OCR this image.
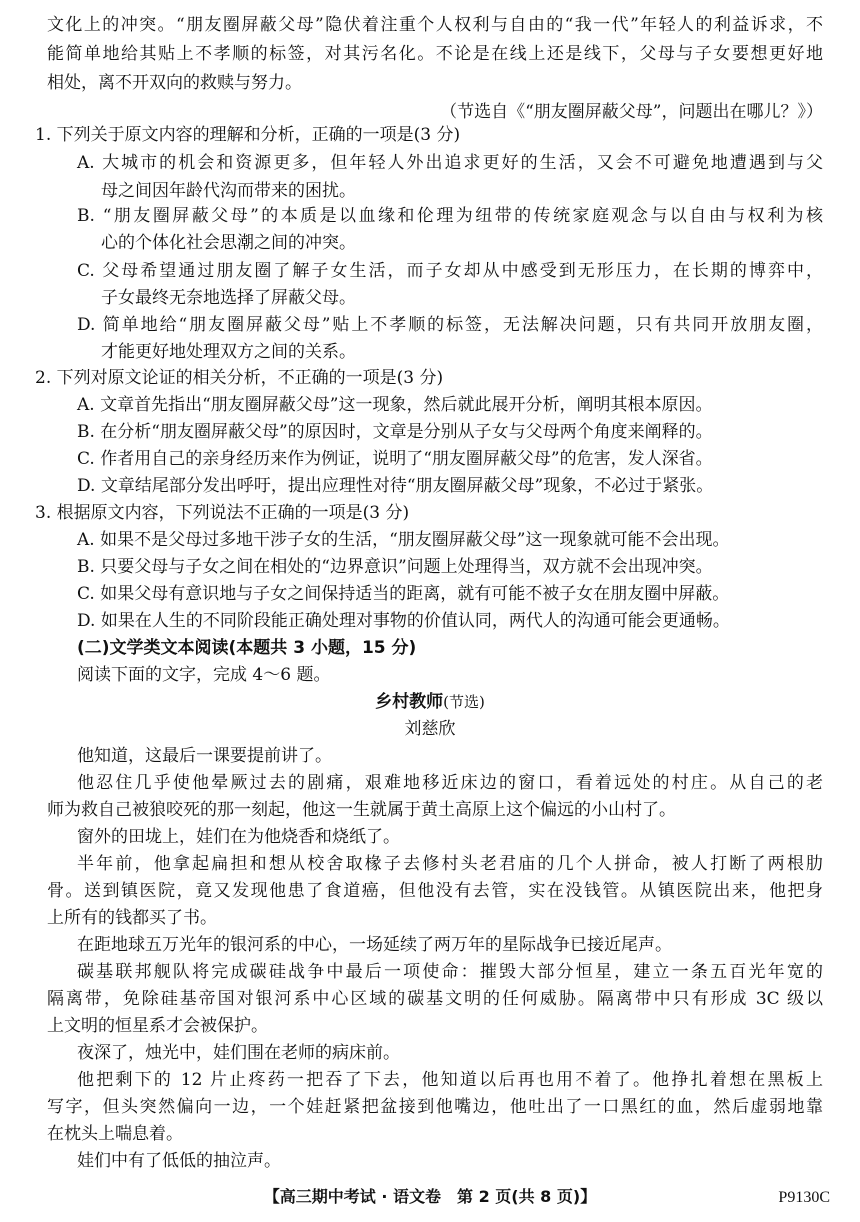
文化上的冲突。“朋友圈屏蔽父母”隐伏着注重个人权利与自由的“我一代”年轻人的利益诉求，不
能简单地给其贴上不孝顺的标签，对其污名化。不论是在线上还是线下，父母与子女要想更好地
相处，离不开双向的救赎与努力。
（节选自《“朋友圈屏蔽父母”，问题出在哪儿？》）
1. 下列关于原文内容的理解和分析，正确的一项是(3 分)
A. 大城市的机会和资源更多，但年轻人外出追求更好的生活，又会不可避免地遭遇到与父
母之间因年龄代沟而带来的困扰。
B. “朋友圈屏蔽父母”的本质是以血缘和伦理为纽带的传统家庭观念与以自由与权利为核
心的个体化社会思潮之间的冲突。
C. 父母希望通过朋友圈了解子女生活，而子女却从中感受到无形压力，在长期的博弈中，
子女最终无奈地选择了屏蔽父母。
D. 简单地给“朋友圈屏蔽父母”贴上不孝顺的标签，无法解决问题，只有共同开放朋友圈，
才能更好地处理双方之间的关系。
2. 下列对原文论证的相关分析，不正确的一项是(3 分)
A. 文章首先指出“朋友圈屏蔽父母”这一现象，然后就此展开分析，阐明其根本原因。
B. 在分析“朋友圈屏蔽父母”的原因时，文章是分别从子女与父母两个角度来阐释的。
C. 作者用自己的亲身经历来作为例证，说明了“朋友圈屏蔽父母”的危害，发人深省。
D. 文章结尾部分发出呼吁，提出应理性对待“朋友圈屏蔽父母”现象，不必过于紧张。
3. 根据原文内容，下列说法不正确的一项是(3 分)
A. 如果不是父母过多地干涉子女的生活，“朋友圈屏蔽父母”这一现象就可能不会出现。
B. 只要父母与子女之间在相处的“边界意识”问题上处理得当，双方就不会出现冲突。
C. 如果父母有意识地与子女之间保持适当的距离，就有可能不被子女在朋友圈中屏蔽。
D. 如果在人生的不同阶段能正确处理对事物的价值认同，两代人的沟通可能会更通畅。
(二)文学类文本阅读(本题共 3 小题，15 分)
阅读下面的文字，完成 4～6 题。
乡村教师(节选)
刘慈欣
他知道，这最后一课要提前讲了。
他忍住几乎使他晕厥过去的剧痛，艰难地移近床边的窗口，看着远处的村庄。从自己的老
师为救自己被狼咬死的那一刻起，他这一生就属于黄土高原上这个偏远的小山村了。
窗外的田垅上，娃们在为他烧香和烧纸了。
半年前，他拿起扁担和想从校舍取椽子去修村头老君庙的几个人拼命，被人打断了两根肋
骨。送到镇医院，竟又发现他患了食道癌，但他没有去管，实在没钱管。从镇医院出来，他把身
上所有的钱都买了书。
在距地球五万光年的银河系的中心，一场延续了两万年的星际战争已接近尾声。
碳基联邦舰队将完成碳硅战争中最后一项使命：摧毁大部分恒星，建立一条五百光年宽的
隔离带，免除硅基帝国对银河系中心区域的碳基文明的任何威胁。隔离带中只有形成 3C 级以
上文明的恒星系才会被保护。
夜深了，烛光中，娃们围在老师的病床前。
他把剩下的 12 片止疼药一把吞了下去，他知道以后再也用不着了。他挣扎着想在黑板上
写字，但头突然偏向一边，一个娃赶紧把盆接到他嘴边，他吐出了一口黑红的血，然后虚弱地靠
在枕头上喘息着。
娃们中有了低低的抽泣声。
【高三期中考试 · 语文卷　第 2 页(共 8 页)】	P9130C
